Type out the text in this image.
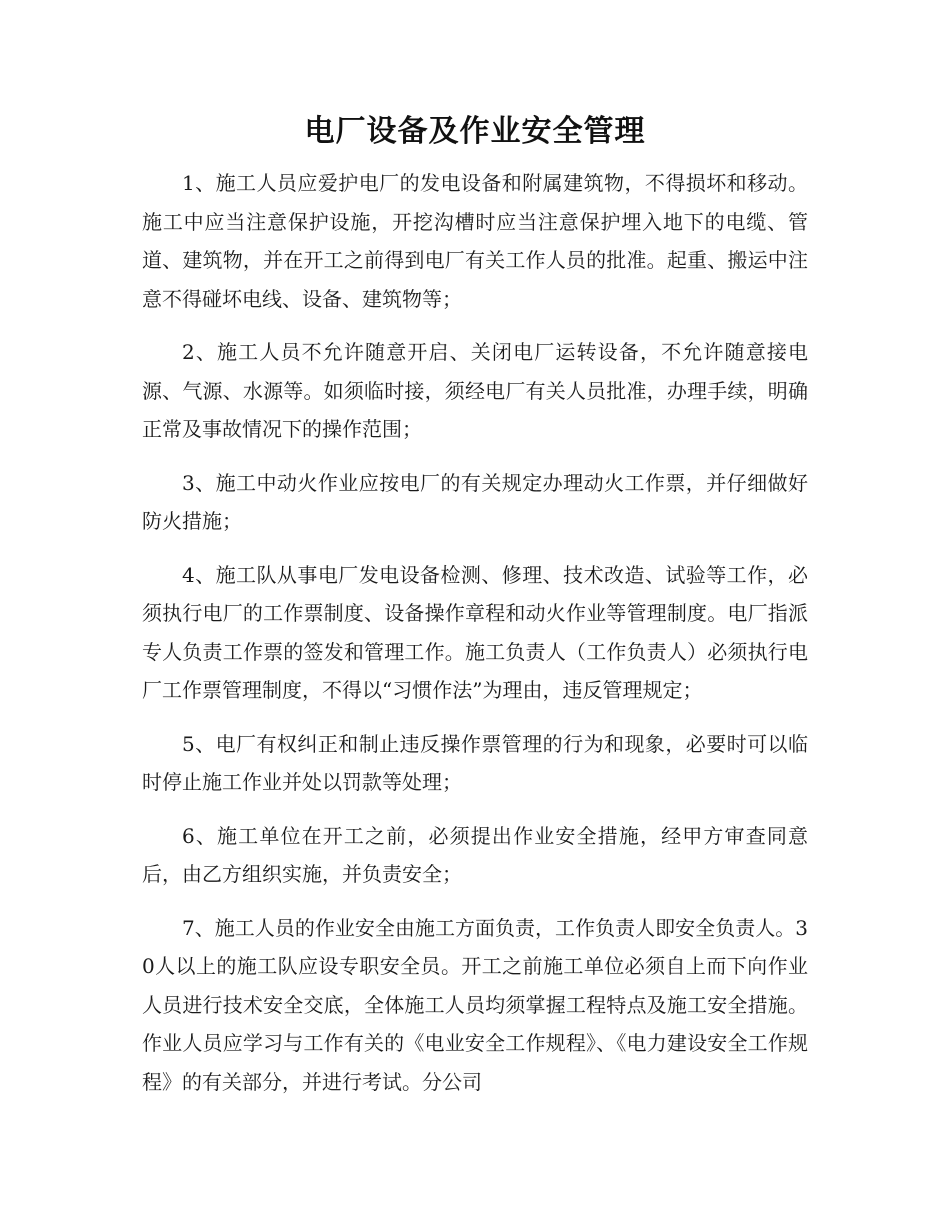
电厂设备及作业安全管理

1、施工人员应爱护电厂的发电设备和附属建筑物，不得损坏和移动。施工中应当注意保护设施，开挖沟槽时应当注意保护埋入地下的电缆、管道、建筑物，并在开工之前得到电厂有关工作人员的批准。起重、搬运中注意不得碰坏电线、设备、建筑物等；

2、施工人员不允许随意开启、关闭电厂运转设备，不允许随意接电源、气源、水源等。如须临时接，须经电厂有关人员批准，办理手续，明确正常及事故情况下的操作范围；

3、施工中动火作业应按电厂的有关规定办理动火工作票，并仔细做好防火措施；

4、施工队从事电厂发电设备检测、修理、技术改造、试验等工作，必须执行电厂的工作票制度、设备操作章程和动火作业等管理制度。电厂指派专人负责工作票的签发和管理工作。施工负责人（工作负责人）必须执行电厂工作票管理制度，不得以“习惯作法”为理由，违反管理规定；

5、电厂有权纠正和制止违反操作票管理的行为和现象，必要时可以临时停止施工作业并处以罚款等处理；

6、施工单位在开工之前，必须提出作业安全措施，经甲方审查同意后，由乙方组织实施，并负责安全；

7、施工人员的作业安全由施工方面负责，工作负责人即安全负责人。30人以上的施工队应设专职安全员。开工之前施工单位必须自上而下向作业人员进行技术安全交底，全体施工人员均须掌握工程特点及施工安全措施。作业人员应学习与工作有关的《电业安全工作规程》、《电力建设安全工作规程》的有关部分，并进行考试。分公司
